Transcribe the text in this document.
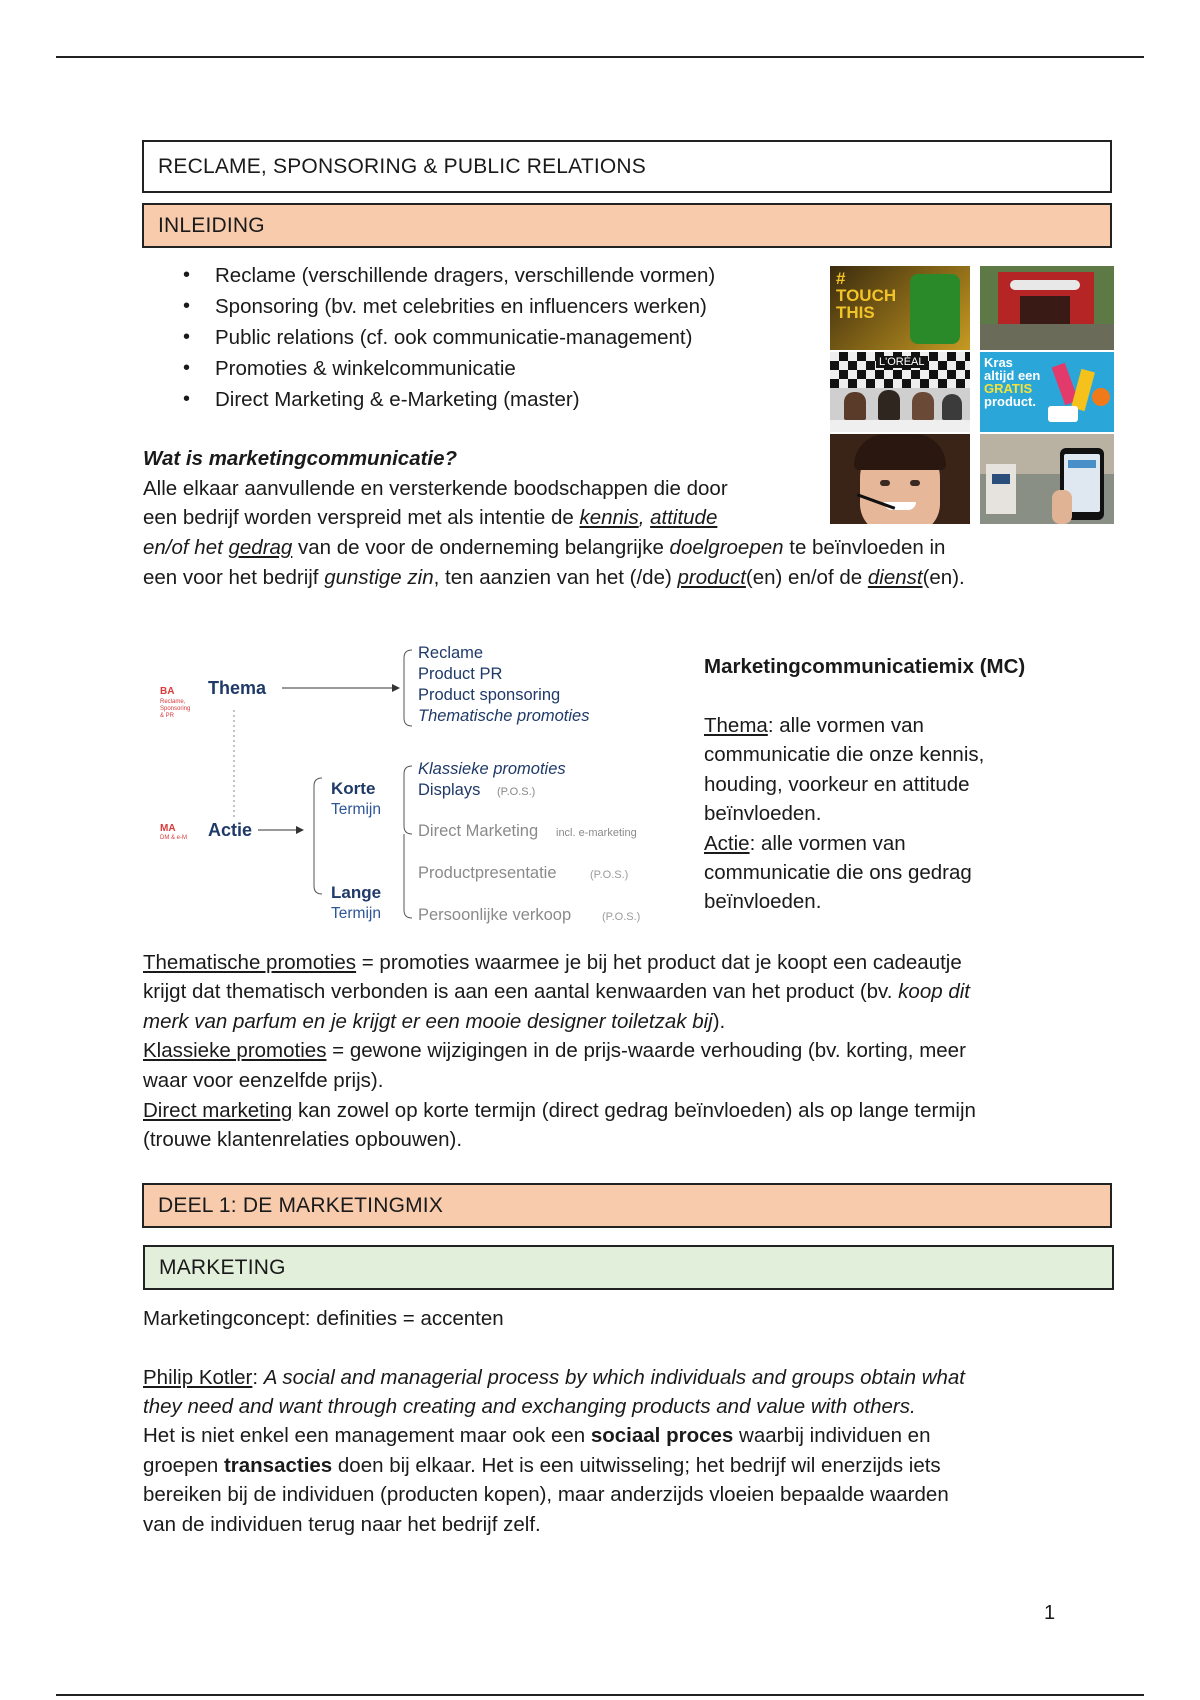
RECLAME, SPONSORING & PUBLIC RELATIONS
INLEIDING
• Reclame (verschillende dragers, verschillende vormen)
• Sponsoring (bv. met celebrities en influencers werken)
• Public relations (cf. ook communicatie-management)
• Promoties & winkelcommunicatie
• Direct Marketing & e-Marketing (master)
#
TOUCH
THIS
L'ORÉAL	Kras
altijd een
GRATIS
product.
Wat is marketingcommunicatie?
Alle elkaar aanvullende en versterkende boodschappen die door
een bedrijf worden verspreid met als intentie de kennis, attitude
en/of het gedrag van de voor de onderneming belangrijke doelgroepen te beïnvloeden in
een voor het bedrijf gunstige zin, ten aanzien van het (/de) product(en) en/of de dienst(en).
BA
Reclame,
Sponsoring
& PR
Thema
Reclame
Product PR
Product sponsoring
Thematische promoties
MA
DM & e-M Actie
Korte
Termijn
Lange
Termijn
Klassieke promoties
Displays (P.O.S.)
Direct Marketing incl. e-marketing
Productpresentatie	(P.O.S.)
Persoonlijke verkoop	(P.O.S.)
Marketingcommunicatiemix (MC)
Thema: alle vormen van
communicatie die onze kennis,
houding, voorkeur en attitude
beïnvloeden.
Actie: alle vormen van
communicatie die ons gedrag
beïnvloeden.
Thematische promoties = promoties waarmee je bij het product dat je koopt een cadeautje
krijgt dat thematisch verbonden is aan een aantal kenwaarden van het product (bv. koop dit
merk van parfum en je krijgt er een mooie designer toiletzak bij).
Klassieke promoties = gewone wijzigingen in de prijs-waarde verhouding (bv. korting, meer
waar voor eenzelfde prijs).
Direct marketing kan zowel op korte termijn (direct gedrag beïnvloeden) als op lange termijn
(trouwe klantenrelaties opbouwen).
DEEL 1: DE MARKETINGMIX
MARKETING
Marketingconcept: definities = accenten
Philip Kotler: A social and managerial process by which individuals and groups obtain what
they need and want through creating and exchanging products and value with others.
Het is niet enkel een management maar ook een sociaal proces waarbij individuen en
groepen transacties doen bij elkaar. Het is een uitwisseling; het bedrijf wil enerzijds iets
bereiken bij de individuen (producten kopen), maar anderzijds vloeien bepaalde waarden
van de individuen terug naar het bedrijf zelf.
1
